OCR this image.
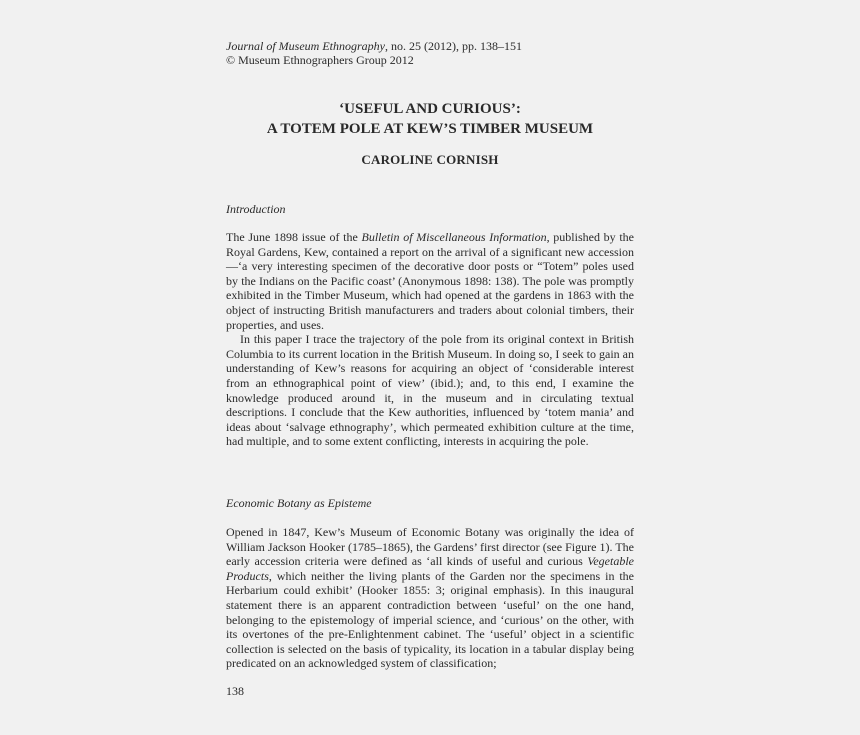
Journal of Museum Ethnography, no. 25 (2012), pp. 138–151
© Museum Ethnographers Group 2012
‘USEFUL AND CURIOUS’:
A TOTEM POLE AT KEW’S TIMBER MUSEUM
CAROLINE CORNISH
Introduction

The June 1898 issue of the Bulletin of Miscellaneous Information, published by the Royal Gardens, Kew, contained a report on the arrival of a significant new accession—‘a very interesting specimen of the decorative door posts or “Totem” poles used by the Indians on the Pacific coast’ (Anonymous 1898: 138). The pole was promptly exhibited in the Timber Museum, which had opened at the gardens in 1863 with the object of instructing British manufacturers and traders about colonial timbers, their properties, and uses.

In this paper I trace the trajectory of the pole from its original context in British Columbia to its current location in the British Museum. In doing so, I seek to gain an understanding of Kew’s reasons for acquiring an object of ‘considerable interest from an ethnographical point of view’ (ibid.); and, to this end, I examine the knowledge produced around it, in the museum and in circulating textual descriptions. I conclude that the Kew authorities, influenced by ‘totem mania’ and ideas about ‘salvage ethnography’, which permeated exhibition culture at the time, had multiple, and to some extent conflicting, interests in acquiring the pole.

Economic Botany as Episteme

Opened in 1847, Kew’s Museum of Economic Botany was originally the idea of William Jackson Hooker (1785–1865), the Gardens’ first director (see Figure 1). The early accession criteria were defined as ‘all kinds of useful and curious Vegetable Products, which neither the living plants of the Garden nor the specimens in the Herbarium could exhibit’ (Hooker 1855: 3; original emphasis). In this inaugural statement there is an apparent contradiction between ‘useful’ on the one hand, belonging to the epistemology of imperial science, and ‘curious’ on the other, with its overtones of the pre-Enlightenment cabinet. The ‘useful’ object in a scientific collection is selected on the basis of typicality, its location in a tabular display being predicated on an acknowledged system of classification;

138
